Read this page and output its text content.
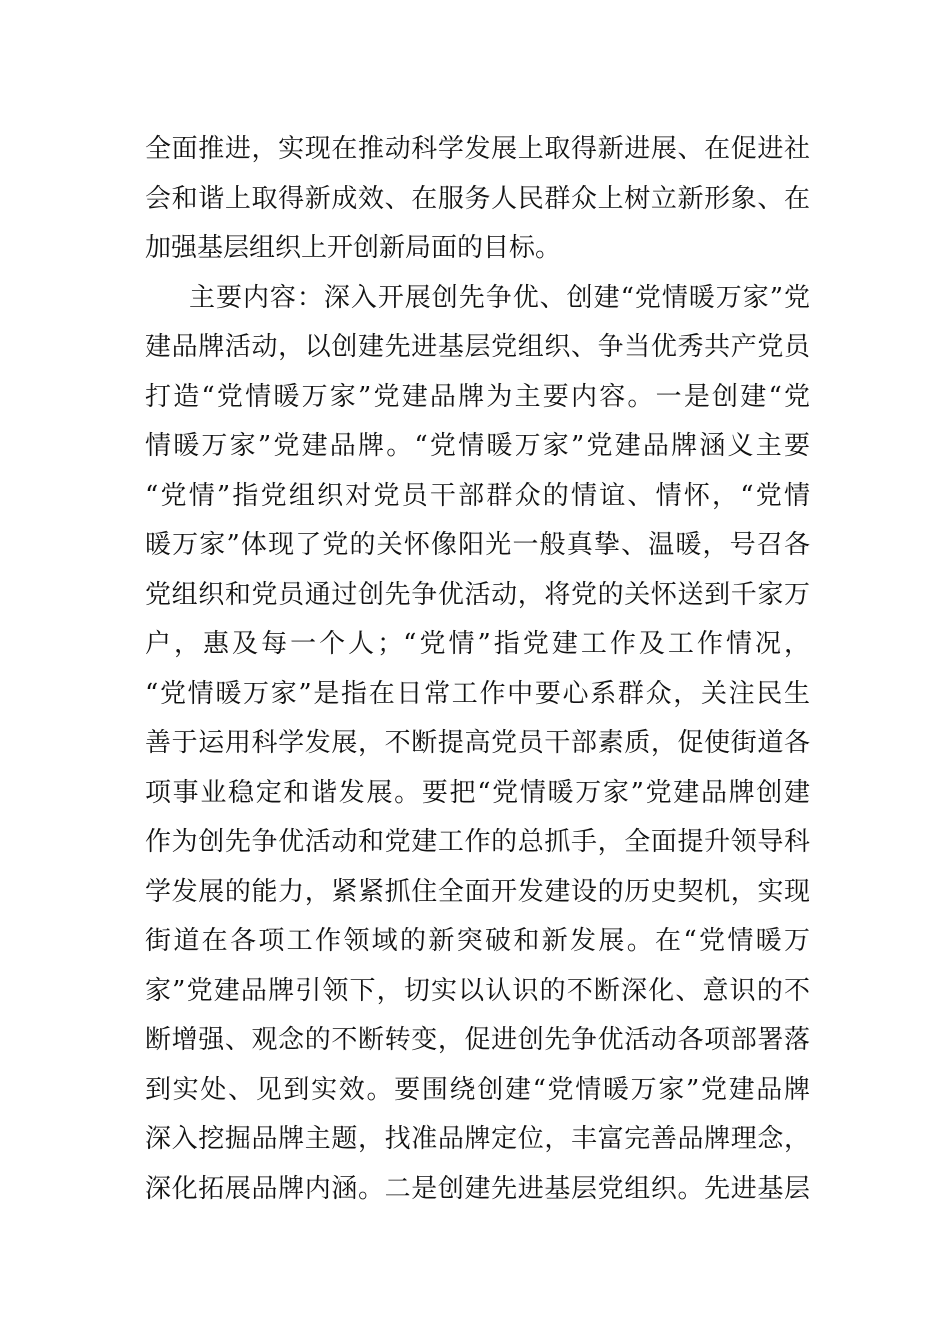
全面推进，实现在推动科学发展上取得新进展、在促进社
会和谐上取得新成效、在服务人民群众上树立新形象、在
加强基层组织上开创新局面的目标。
主要内容：深入开展创先争优、创建“党情暖万家”党
建品牌活动，以创建先进基层党组织、争当优秀共产党员
打造“党情暖万家”党建品牌为主要内容。一是创建“党
情暖万家”党建品牌。“党情暖万家”党建品牌涵义主要
“党情”指党组织对党员干部群众的情谊、情怀，“党情
暖万家”体现了党的关怀像阳光一般真挚、温暖，号召各
党组织和党员通过创先争优活动，将党的关怀送到千家万
户，惠及每一个人；“党情”指党建工作及工作情况，
“党情暖万家”是指在日常工作中要心系群众，关注民生
善于运用科学发展，不断提高党员干部素质，促使街道各
项事业稳定和谐发展。要把“党情暖万家”党建品牌创建
作为创先争优活动和党建工作的总抓手，全面提升领导科
学发展的能力，紧紧抓住全面开发建设的历史契机，实现
街道在各项工作领域的新突破和新发展。在“党情暖万
家”党建品牌引领下，切实以认识的不断深化、意识的不
断增强、观念的不断转变，促进创先争优活动各项部署落
到实处、见到实效。要围绕创建“党情暖万家”党建品牌
深入挖掘品牌主题，找准品牌定位，丰富完善品牌理念，
深化拓展品牌内涵。二是创建先进基层党组织。先进基层
